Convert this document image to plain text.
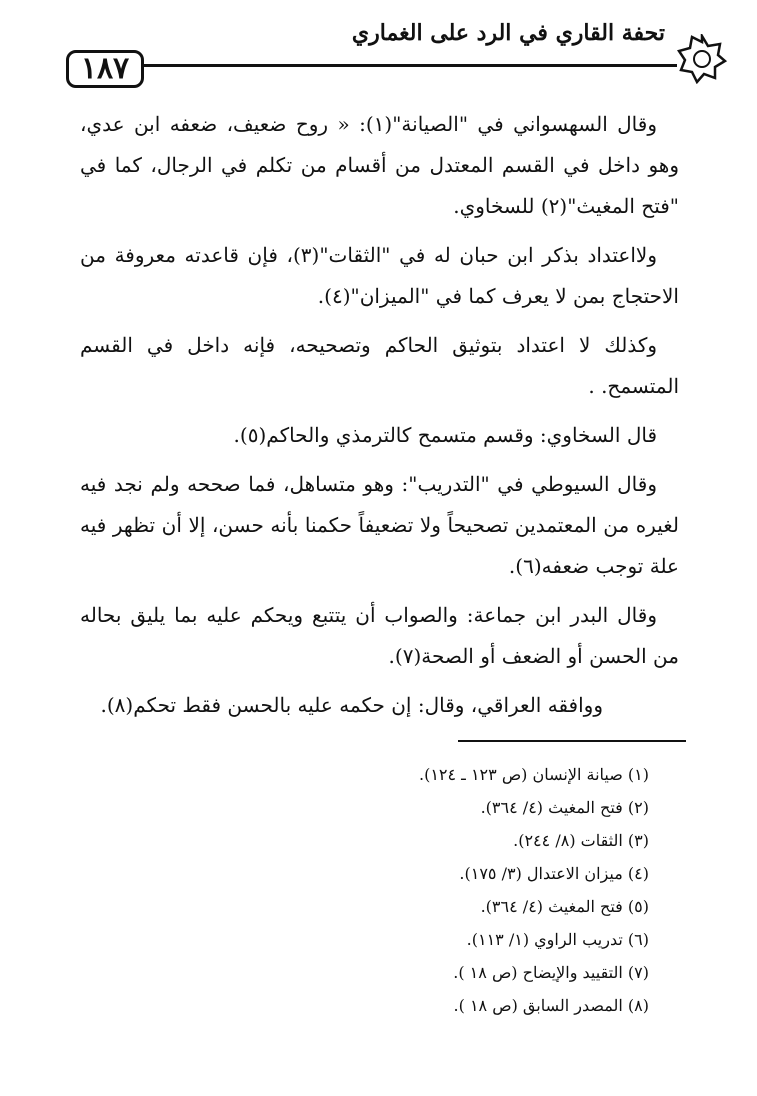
١٨٧
تحفة القاري في الرد على الغماري

وقال السهسواني في "الصيانة"(١): « روح ضعيف، ضعفه ابن عدي، وهو داخل في القسم المعتدل من أقسام من تكلم في الرجال، كما في "فتح المغيث"(٢) للسخاوي.

ولااعتداد بذكر ابن حبان له في "الثقات"(٣)، فإن قاعدته معروفة من الاحتجاج بمن لا يعرف كما في "الميزان"(٤).

وكذلك لا اعتداد بتوثيق الحاكم وتصحيحه، فإنه داخل في القسم المتسمح. .

قال السخاوي: وقسم متسمح كالترمذي والحاكم(٥).

وقال السيوطي في "التدريب": وهو متساهل، فما صححه ولم نجد فيه لغيره من المعتمدين تصحيحاً ولا تضعيفاً حكمنا بأنه حسن، إلا أن تظهر فيه علة توجب ضعفه(٦).

وقال البدر ابن جماعة: والصواب أن يتتبع ويحكم عليه بما يليق بحاله من الحسن أو الضعف أو الصحة(٧).

ووافقه العراقي، وقال: إن حكمه عليه بالحسن فقط تحكم(٨).

(١) صيانة الإنسان (ص ١٢٣ ـ ١٢٤).
(٢) فتح المغيث (٤/ ٣٦٤).
(٣) الثقات (٨/ ٢٤٤).
(٤) ميزان الاعتدال (٣/ ١٧٥).
(٥) فتح المغيث (٤/ ٣٦٤).
(٦) تدريب الراوي (١/ ١١٣).
(٧) التقييد والإيضاح (ص ١٨ ).
(٨) المصدر السابق (ص ١٨ ).
